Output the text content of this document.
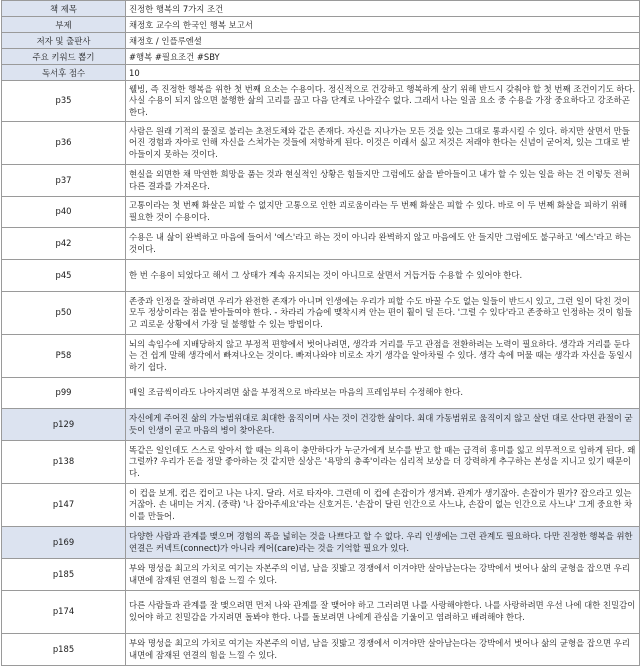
책 제목	진정한 행복의 7가지 조건
부제	채정호 교수의 한국인 행복 보고서
저자 및 출판사	채정호 / 인플루엔셜
주요 키워드 뽑기	#행복 #필요조건 #SBY
독서후 점수	10
p35	웰빙, 즉 진정한 행복을 위한 첫 번째 요소는 수용이다. 정신적으로 건강하고 행복하게 살기 위해 반드시 갖춰야 할 첫 번째 조건이기도 하다. 사실 수용이 되지 않으면 불행한 삶의 고리를 끊고 다음 단계로 나아갈수 없다. 그래서 나는 일곱 요소 중 수용을 가장 중요하다고 강조하곤 한다.
p36	사람은 원래 기적의 물질로 불리는 초전도체와 같은 존재다. 자신을 지나가는 모든 것을 있는 그대로 통과시킬 수 있다. 하지만 살면서 만들어진 경험과 자아로 인해 자신을 스쳐가는 것들에 저항하게 된다. 이것은 이래서 싫고 저것은 저래야 한다는 신념이 굳어져, 있는 그대로 받아들이지 못하는 것이다.
p37	현실을 외면한 채 막연한 희망을 품는 것과 현실적인 상황은 힘들지만 그럼에도 삶을 받아들이고 내가 할 수 있는 일을 하는 건 이렇듯 전혀 다른 결과를 가져온다.
p40	고통이라는 첫 번째 화살은 피할 수 없지만 고통으로 인한 괴로움이라는 두 번째 화살은 피할 수 있다. 바로 이 두 번째 화살을 피하기 위해 필요한 것이 수용이다.
p42	수용은 내 삶이 완벽하고 마음에 들어서 '예스'라고 하는 것이 아니라 완벽하지 않고 마음에도 안 들지만 그럼에도 불구하고 '예스'라고 하는 것이다.
p45	한 번 수용이 되었다고 해서 그 상태가 계속 유지되는 것이 아니므로 살면서 거듭거듭 수용할 수 있어야 한다.
p50	존중과 인정을 잘하려면 우리가 완전한 존재가 아니며 인생에는 우리가 피할 수도 바꿀 수도 없는 일들이 반드시 있고, 그런 일이 닥친 것이 모두 정상이라는 점을 받아들여야 한다. - 차라리 가슴에 맺착시켜 안는 편이 훨이 덜 든다. '그럴 수 있다'라고 존중하고 인정하는 것이 힘들고 괴로운 상황에서 가장 덜 불행할 수 있는 방법이다.
P58	뇌의 속임수에 지배당하지 않고 부정적 편향에서 벗어나려면, 생각과 거리를 두고 관점을 전환하려는 노력이 필요하다. 생각과 거리를 둔다는 건 쉽게 말해 생각에서 빠져나오는 것이다. 빠져나와야 비로소 자기 생각을 알아차릴 수 있다. 생각 속에 머물 때는 생각과 자신을 동일시하기 쉽다.
p99	매일 조금씩이라도 나아지려면 삶을 부정적으로 바라보는 마음의 프레임부터 수정해야 한다.
p129	자신에게 주어진 삶의 가능범위대로 최대한 움직이며 사는 것이 건강한 삶이다. 최대 가동범위로 움직이지 않고 살던 대로 산다면 관절이 굳듯이 인생이 굳고 마음의 병이 찾아온다.
p138	똑같은 일인데도 스스로 알아서 할 때는 의욕이 충만하다가 누군가에게 보수를 받고 할 때는 급격히 흥미를 잃고 의무적으로 임하게 된다. 왜 그럴까? 우리가 돈을 정말 좋아하는 것 같지만 실상은 '욕망의 충족'이라는 심리적 보상을 더 강력하게 추구하는 본성을 지니고 있기 때문이다.
p147	이 컵을 보게. 컵은 컵이고 나는 나지. 달라. 서로 타자야. 그런데 이 컵에 손잡이가 생겨봐. 관계가 생기잖아. 손잡이가 뭔가? 잡으라고 있는 거잖아. 손 내미는 거지. (중략) '나 잡아주세요'라는 신호거든. '손잡이 달린 인간으로 사느냐, 손잡이 없는 인간으로 사느냐' 그게 중요한 차이를 만들어.
p169	다양한 사람과 관계를 맺으며 경험의 폭을 넓히는 것을 나쁘다고 할 수 없다. 우리 인생에는 그런 관계도 필요하다. 다만 진정한 행복을 위한 연결은 커넥트(connect)가 아니라 케어(care)라는 것을 기억할 필요가 있다.
p185	부와 명성을 최고의 가치로 여기는 자본주의 이념, 남을 짓밟고 경쟁에서 이겨야만 살아남는다는 강박에서 벗어나 삶의 균형을 잡으면 우리 내면에 잠재된 연결의 힘을 느낄 수 있다.
p174	다른 사람들과 관계를 잘 맺으려면 먼저 나와 관계를 잘 맺어야 하고 그러려면 나를 사랑해야한다. 나를 사랑하려면 우선 나에 대한 친밀감이 있어야 하고 친밀감을 가지려면 돌봐야 한다. 나를 돌보려면 나에게 관심을 기울이고 염려하고 배려해야 한다.
p185	부와 명성을 최고의 가치로 여기는 자본주의 이념, 남을 짓밟고 경쟁에서 이겨야만 살아남는다는 강박에서 벗어나 삶의 균형을 잡으면 우리 내면에 잠재된 연결의 힘을 느낄 수 있다.
